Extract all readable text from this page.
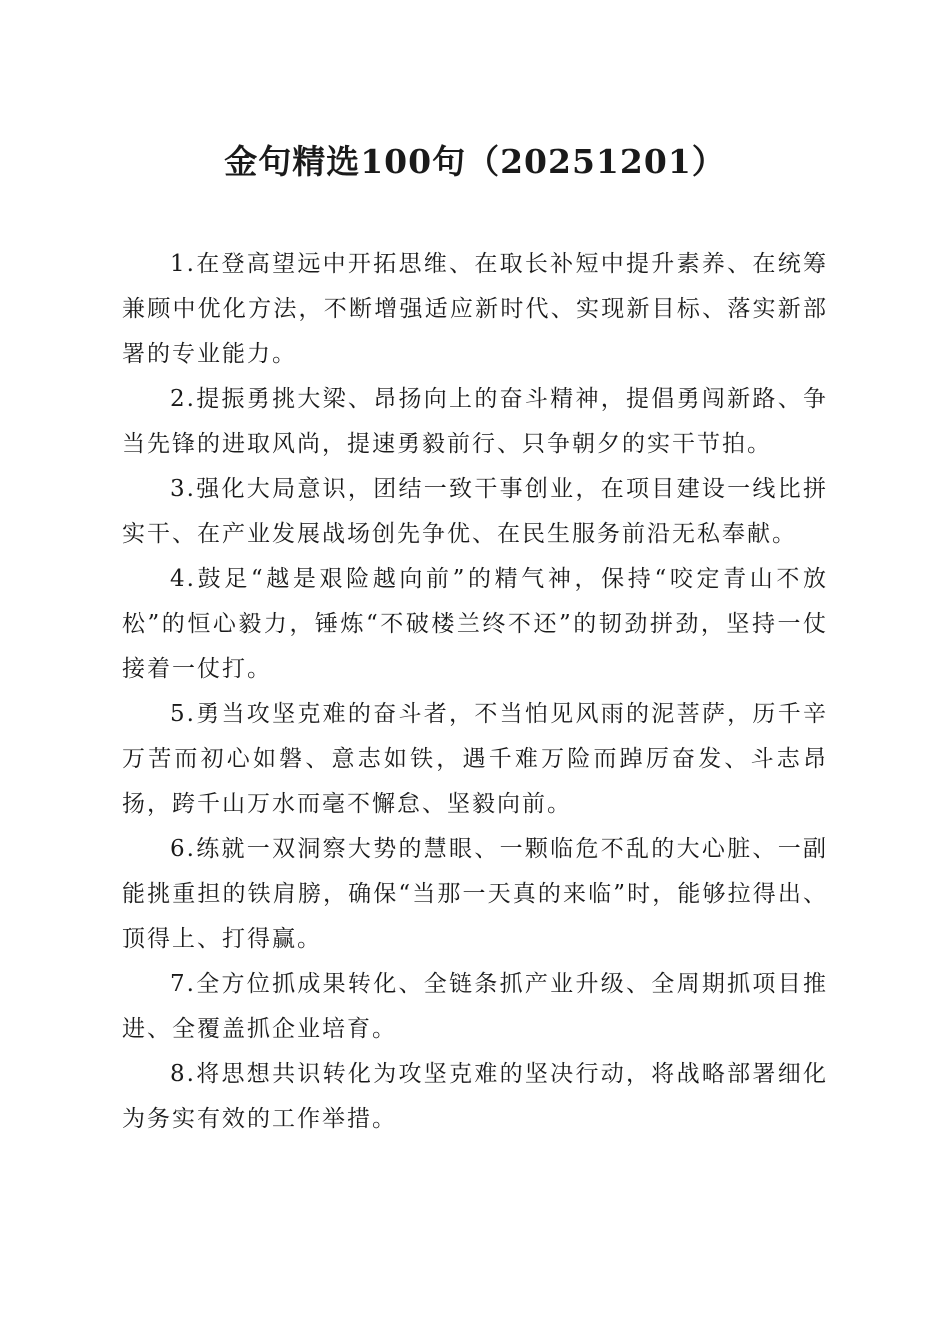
金句精选100句（20251201）

1.在登高望远中开拓思维、在取长补短中提升素养、在统筹兼顾中优化方法，不断增强适应新时代、实现新目标、落实新部署的专业能力。

2.提振勇挑大梁、昂扬向上的奋斗精神，提倡勇闯新路、争当先锋的进取风尚，提速勇毅前行、只争朝夕的实干节拍。

3.强化大局意识，团结一致干事创业，在项目建设一线比拼实干、在产业发展战场创先争优、在民生服务前沿无私奉献。

4.鼓足“越是艰险越向前”的精气神，保持“咬定青山不放松”的恒心毅力，锤炼“不破楼兰终不还”的韧劲拼劲，坚持一仗接着一仗打。

5.勇当攻坚克难的奋斗者，不当怕见风雨的泥菩萨，历千辛万苦而初心如磐、意志如铁，遇千难万险而踔厉奋发、斗志昂扬，跨千山万水而毫不懈怠、坚毅向前。

6.练就一双洞察大势的慧眼、一颗临危不乱的大心脏、一副能挑重担的铁肩膀，确保“当那一天真的来临”时，能够拉得出、顶得上、打得赢。

7.全方位抓成果转化、全链条抓产业升级、全周期抓项目推进、全覆盖抓企业培育。

8.将思想共识转化为攻坚克难的坚决行动，将战略部署细化为务实有效的工作举措。
